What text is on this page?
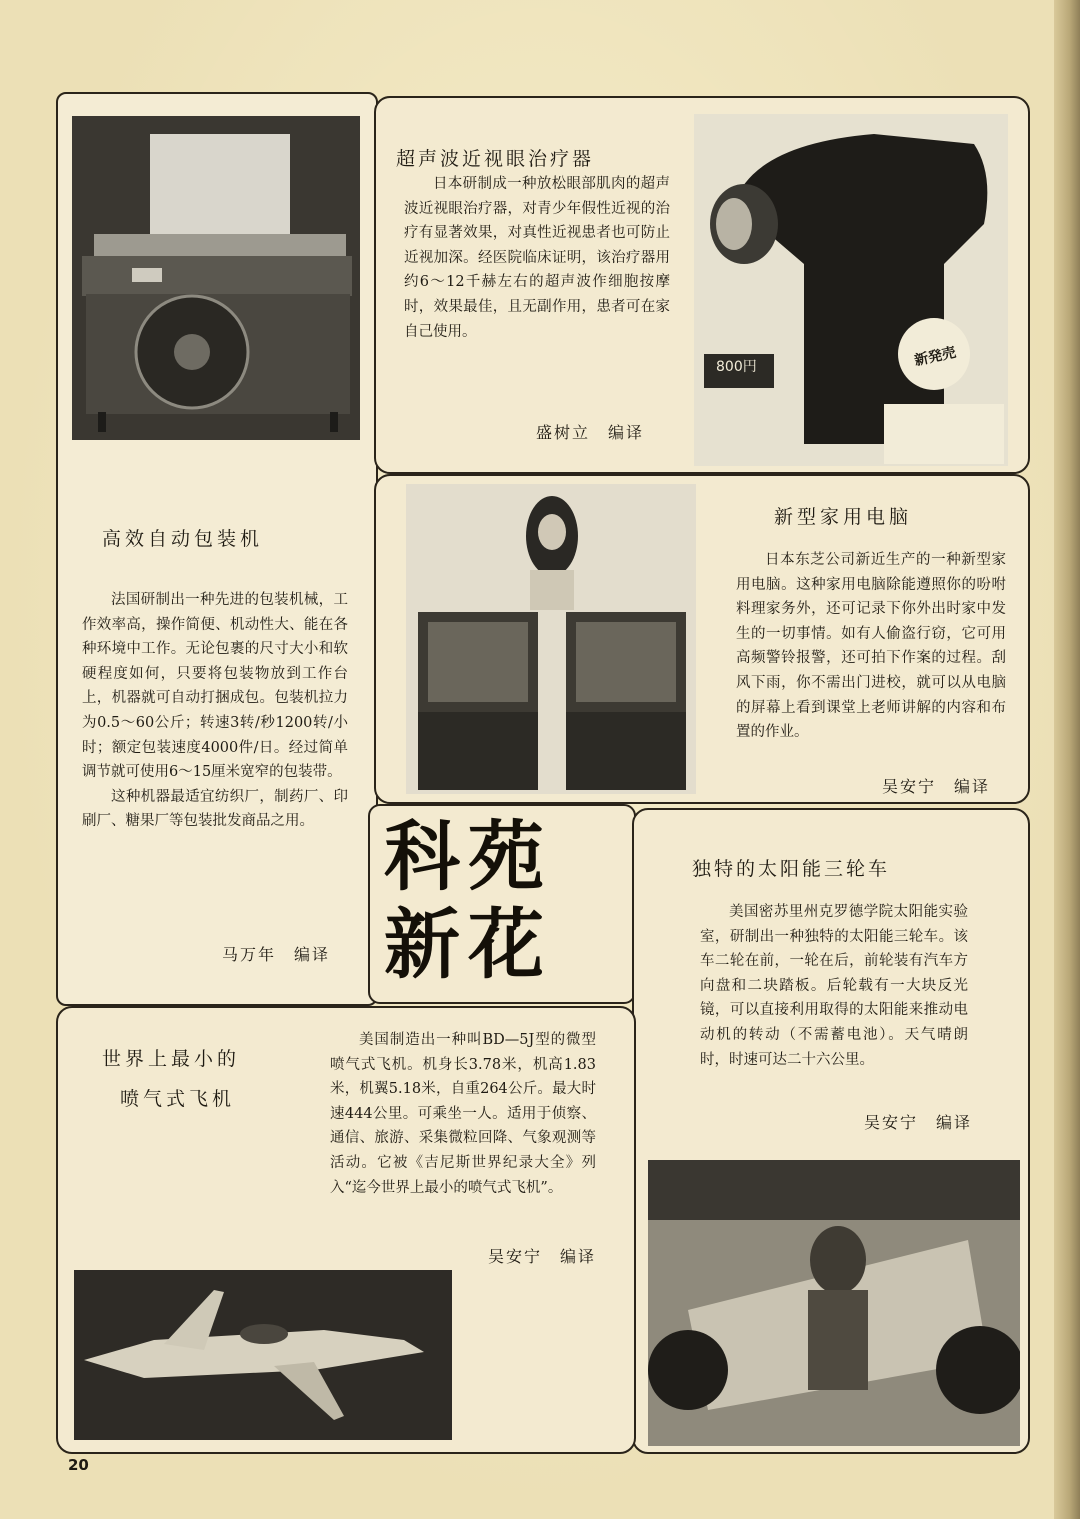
高效自动包装机

法国研制出一种先进的包装机械，工作效率高，操作简便、机动性大、能在各种环境中工作。无论包裹的尺寸大小和软硬程度如何，只要将包装物放到工作台上，机器就可自动打捆成包。包装机拉力为0.5～60公斤；转速3转/秒1200转/小时；额定包装速度4000件/日。经过简单调节就可使用6～15厘米宽窄的包装带。

这种机器最适宜纺织厂，制药厂、印刷厂、糖果厂等包装批发商品之用。

马万年　编译
超声波近视眼治疗器
日本研制成一种放松眼部肌肉的超声波近视眼治疗器，对青少年假性近视的治疗有显著效果，对真性近视患者也可防止近视加深。经医院临床证明，该治疗器用约6～12千赫左右的超声波作细胞按摩时，效果最佳，且无副作用，患者可在家自己使用。
盛树立　编译
800円	新発売
新型家用电脑
日本东芝公司新近生产的一种新型家用电脑。这种家用电脑除能遵照你的吩咐料理家务外，还可记录下你外出时家中发生的一切事情。如有人偷盗行窃，它可用高频警铃报警，还可拍下作案的过程。刮风下雨，你不需出门进校，就可以从电脑的屏幕上看到课堂上老师讲解的内容和布置的作业。
吴安宁　编译
科苑
新花
独特的太阳能三轮车
美国密苏里州克罗德学院太阳能实验室，研制出一种独特的太阳能三轮车。该车二轮在前，一轮在后，前轮装有汽车方向盘和二块踏板。后轮载有一大块反光镜，可以直接利用取得的太阳能来推动电动机的转动（不需蓄电池）。天气晴朗时，时速可达二十六公里。
吴安宁　编译
世界上最小的
喷气式飞机
美国制造出一种叫BD—5J型的微型喷气式飞机。机身长3.78米，机高1.83米，机翼5.18米，自重264公斤。最大时速444公里。可乘坐一人。适用于侦察、通信、旅游、采集微粒回降、气象观测等活动。它被《吉尼斯世界纪录大全》列入“迄今世界上最小的喷气式飞机”。
吴安宁　编译
20
